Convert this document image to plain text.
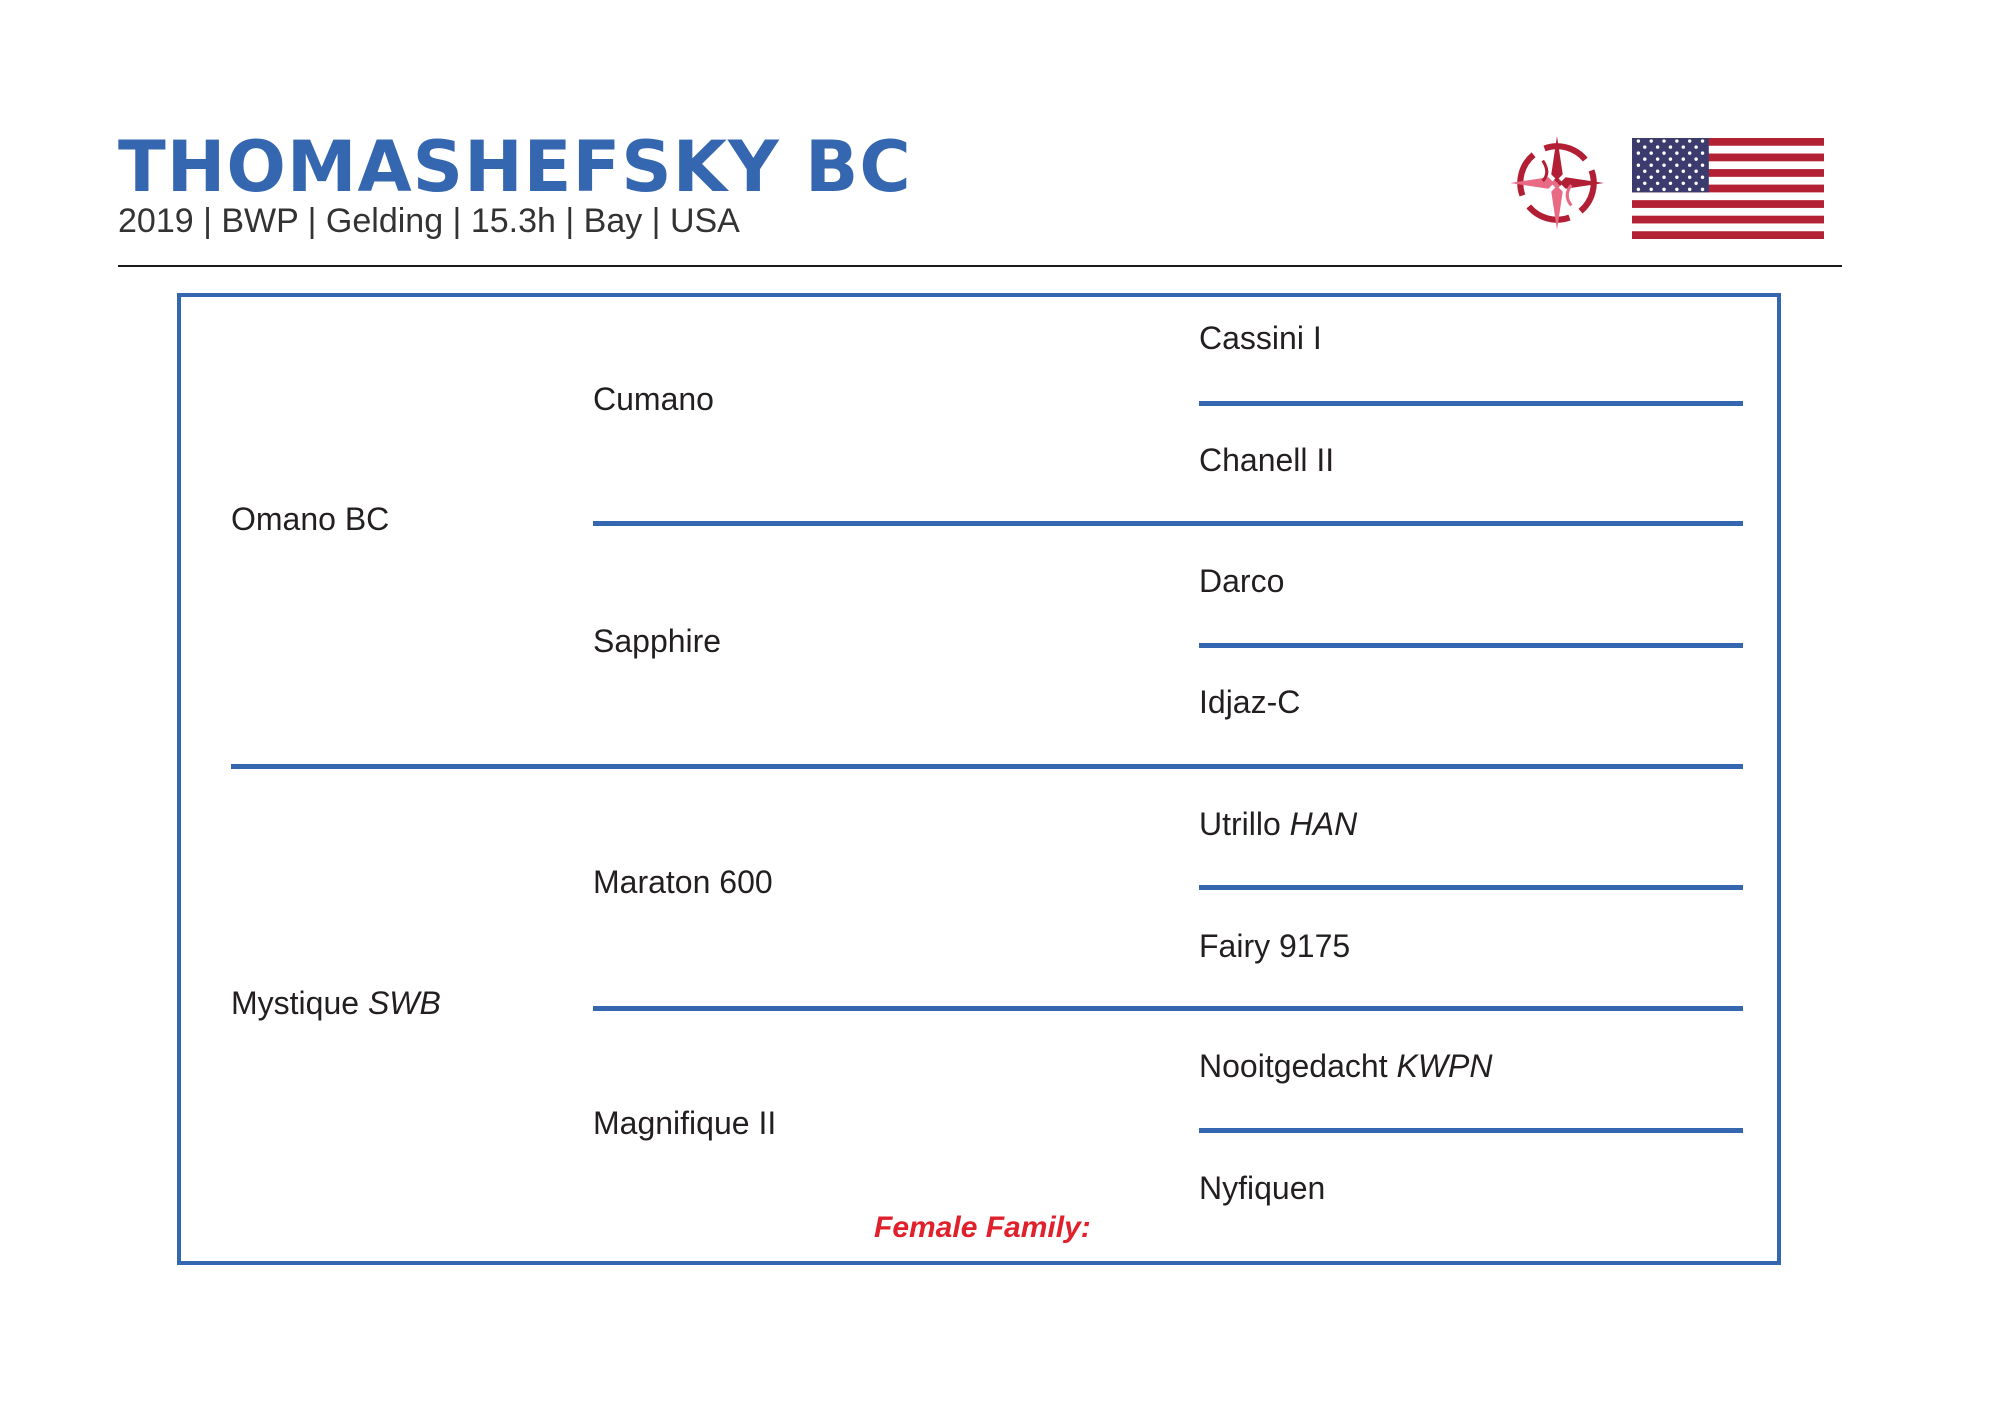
THOMASHEFSKY BC
2019 | BWP | Gelding | 15.3h | Bay | USA
Omano BC
Mystique SWB
Cumano
Sapphire
Maraton 600
Magnifique II
Cassini I
Chanell II
Darco
Idjaz-C
Utrillo HAN
Fairy 9175
Nooitgedacht KWPN
Nyfiquen
Female Family:
